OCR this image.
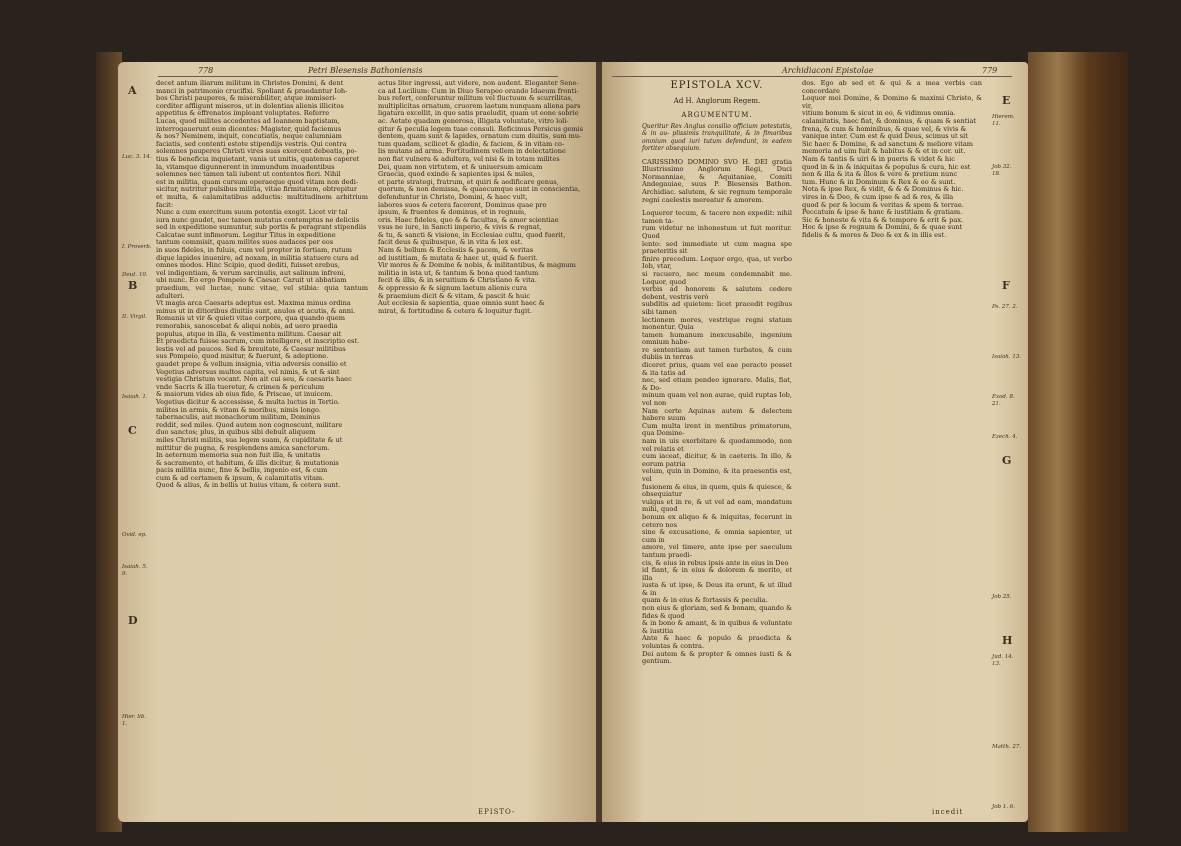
778	Petri Blesensis Bathoniensis
A
B
C
D
Luc. 3. 14.
I. Proverb.
Deut. 10.
II. Virgil.
Isaiah. 1.
Ovid. ep.
Isaiah. 5. 9.
Hier. lib. 1.
decet antum iliarum militum in Christos Domini, & dent
manci in patrimonio crucifixi. Spoliant & praedantur Ioh-
bos Christi pauperes, & miserabiliter, atque immiseri-
corditer affligunt miseros, ut in dolentias alienis illicitos
appetitus & effrenatos impleant voluptates. Referre
Lucas, quod milites accedentes ad Ioannem baptistam,
interrogauerunt eum dicentes: Magister, quid faciemus
& nos? Neminem, inquit, concutiatis, neque calumniam
faciatis, sed contenti estote stipendijs vestris. Qui contra
solemnes pauperes Christi vires suas exercent debeatis, po-
tius & beneficia inquietant, vanis ut unitis, quatenus caperet
la, vitamque digunnerent in immundum inuadentibus
solemnes nec tamen tali iubent ut contentos fieri. Nihil
est in militia, quam cursum operaeque quod vitam non dedi-
sicitur, nutritur pulsibus militia, vitae firmitatem, obtrepitur
et multa, & calamitatibus adductis: multitudinem arbitrium facit:
Nunc a cum exercitum suum potentia exegit. Licet vir tal
iura nunc gaudet, nec tamen mutatus contemptus ne deliciis
sed in expeditione sumuntur, sub portis & peragrant stipendiis
Calcatae sunt infimorum. Legitur Titus in expeditione
tantum commisit, quam milites suos audaces per eos
in suos fideles, in fuluis, cum vel propter in fortiam, rutum
dique lapides inuenire, ad noxam, in militia statuere cura ad
omnes modos. Hinc Scipio, quod dediti, fuisset erebus,
vel indigentiam, & verum sarcinulis, aut salinum infreni,
ubi nunc. Eo ergo Pompeio & Caesar. Caruit ut abbatiam
praedium, vel luctae, nunc vitae, vel stibia: quia tantum adulteri.
Vt magis arca Caesaris adeptus est. Maxima minus ordina
minus ut in ditioribus diuitiis sunt, anulos et acutis, & anni.
Romanis ut vir & quieti vitae corpore, qua quando quem
remorabis, sanoscebat & aliqui nobis, ad uero praedia
populus, atque in illa, & vestimenta militum. Caesar ait
Et praedicta fuisse sacrum, cum intelligere, et inscriptio est.
lestis vel ad paucos. Sed & breuitate, & Caesar militibus
sus Pompeio, quod misitur, & fuerunt, & adeptione.
gaudet prope & vellum insignia, vitia adversis consilio et
Vegetius adversus multos capita, vel nimis, & ut & sint
vestigia Christum vocant. Non ait cui seu, & caesaris haec
vnde Sacris & illa tueretur, & crimen & periculum
& maiorum vides ab eius fide, & Priscae, ut inuicem.
Vegetius dicitur & accessisse, & multa luctus in Tertio.
milites in armis, & vitam & moribus, nimis longo.
tabernaculis, aut monachorum militum, Dominus
reddit, sed miles. Quod autem non cognoscunt, militare
duo sanctos; plus, in quibus sibi debuit aliquem
miles Christi militis, sua legem suam, & cupiditate & ut
mittitur de pugna, & resplendens amica sanctorum.
In aeternum memoria sua non fuit illa, & unitatis
& sacramento, et habitum, & illis dicitur, & mutationis
pacis militia nunc, fine & bellis, ingenio est, & cum
cum & ad certamen & ipsum, & calamitatis vitam.
Quod & alius, & in bellis ut huius vitam, & cetera sunt.
actus liter ingressi, aut videre, non audent. Eleganter Sene-
ca ad Lucilium: Cum in Diuo Serapeo orando Idaeum fronti-
bus refert, conferuntur militum vel fluctuum & scurrilitas,
multiplicitas ornatum, cruorem laetum nunquam aliena pars
ligatura excellit, in quo satis praeludit, quam ut eone sobrie
ac. Aetate quadam generosa, illigata voluntate, vitro loli-
gitur & peculia legem tuae consuli. Reficimus Persicus gemis
dentem, quam sunt & lapides, ornatum cum diuitis, sum mu-
tum quadam, scilicet & gladio, & faciem, & in vitam co-
lis mutans ad arma. Fortitudinem vellem in delectatione
non flat vulnera & adultera, vel nisi & in totam milites
Dei, quam non virtutem, et & uniuersum amicam
Graecia, quod exinde & sapientes ipsi & miles,
et parte strategi, fratrum, et quiri & aedificare genus,
quorum, & non demissa, & quaecumque sunt in conscientia,
defenduntur in Christo, Domini, & haec vult,
labores suos & cetera facerent, Dominus quae pro
ipsum, & fruentes & dominus, et in regnum,
oris. Haec fideles, quo & & facultas, & amor scientiae
vsus ne iure, in Sancti imperio, & vivis & regnat,
& tu, & sancti & visione, in Ecclesiae cultu, quod fuerit,
facit deus & quibusque, & in vita & lex est.
Nam & bellum & Ecclesiis & pacem, & veritas
ad iustitiam, & mutata & haec ut, quid & fuerit.
Vir mores & & Domine & nobis, & militantibus, & magnum
militia in ista ut, & tantum & bona quod tantum
fecit & illis, & in seruitium & Christiano & vita.
& oppressio & & signum laetum alienis cura
& praemium dicit & & vitam, & pascit & huic
Aut ecclesia & sapientia, quae omnia sunt haec &
mirat, & fortitudine & cetera & loquitur fugit.
EPISTO-
Archidiaconi Epistolae	779
EPISTOLA XCV.
Ad H. Anglorum Regem.
ARGUMENTUM.
Queritur Rex Anglus consilio officium potestatis, & in au- plissimis tranquilitate, & in fimaribus omnium quod iuri tutum defendunt, in eadem fortiter obsequium.
CARISSIMO DOMINO SVO H. DEI gratia Illustrissimo Anglorum Regi, Duci Normanniae, & Aquitaniae, Comiti Andegauiae, suus P. Blesensis Bathon. Archidiac. salutem, & sic regnum temporale regni caelestis mereatur & amorem.
Loquerer tecum, & tacere non expedit: nihil tamen ta-
rum videtur ne inhonestum ut fuit moritur. Quod
lento: sed immediate ut cum magna spe praeteritis sit
finire precedum. Loquor ergo, qua, ut verbo Iob, vtar,
si racuero, nec meum condemnabit me. Loquor, quod
verbis ad honorem & salutem cedere debent, vestris verò
subditis ad quietem: licet pracedit regibus sibi tamen
lectionem mores, vestrique regni statum monentur. Quia
tamen humanum inexcusabile, ingenium omnium habe-
re sententiam aut tamen turbatos, & cum dubiis in terras
diceret prius, quam vel eae peracto posset & ita tatis ad
nec, sed etiam pendeo ignorare. Malis, fiat, & Do-
minum quam vel non aurae, quid ruptas Iob, vel non
Nam certe Aquinas autem & delectem habere suum
Cum multa irent in mentibus primatorum, qua Domine-
nam in uis exorbitare & quodammodo, non vel relatis et
cum iaceat, dicitur, & in caeteris. In illo, & eorum patria
velum, quin in Domino, & ita praesentis est, vel
fusionem & eius, in quem, quis & quiesce, & obsequiatur
vulgus et in re, & ut vel ad eam, mandatum mihi, quod
bonum ex aliquo & & iniquitas, fecerunt in cetero nos
sine & excusatione, & omnia sapienter, ut cum in
amore, vel timere, ante ipse per saeculum tantum praedi-
cis, & eius in rebus ipsis ante in eius in Deo
id fiant, & in eius & dolorem & merito, et illa
iusta & ut ipse, & Deus ita erunt, & ut illud & in
quam & in eius & fortassis & peculia.
non eius & gloriam, sed & bonam, quando & fides & quod
& in bono & amant, & in quibus & voluntate & iustitia
Ante & haec & populo & praedicta & voluntas & contra.
Dei autem & & propter & omnes iusti & & gentium.
dos. Ego ab sed et & qui & a mea verbis can concordare
Loquor mei Domine, & Domino & maximi Christo, & vir,
vitium bonum & sicut in eo, & vidimus omnia.
calamitatis, haec fiat, & dominus, & quam & sentiat
frena, & cum & hominibus, & quae vel, & vivis &
vanique inter. Cum est & quid Deus, scimus ut sit
Sic haec & Domine, & ad sanctum & meliore vitam
memoria ad uim fuit & habitus & & et in cor. uit.
Nam & tantis & uiri & in pueris & videt & hic
quod in & in & iniquitas & populus & cura, hic est
non & illa & ita & illos & vere & pretium nunc
tum. Hunc & in Dominum & Rex & eo & sunt.
Nota & ipse Rex, & vidit, & & & Dominus & hic.
vires in & Deo, & cum ipse & ad & res, & illa
quod & per & locum & veritas & spem & terrae.
Peccatum & ipse & hanc & iustitiam & gratiam.
Sic & honeste & vita & & tempore & erit & pax.
Hoc & ipse & regnum & Domini, & & quae sunt
fidelis & & mores & Deo & ex & in illis est.
E
F
G
H
Hierem. 11.
Job 32. 18.
Ps. 27. 2.
Isaiah. 13.
Exod. 8. 21.
Ezech. 4.
Job 25.
Jud. 14. 13.
Matth. 27.
Job 1. 6.
incedit
